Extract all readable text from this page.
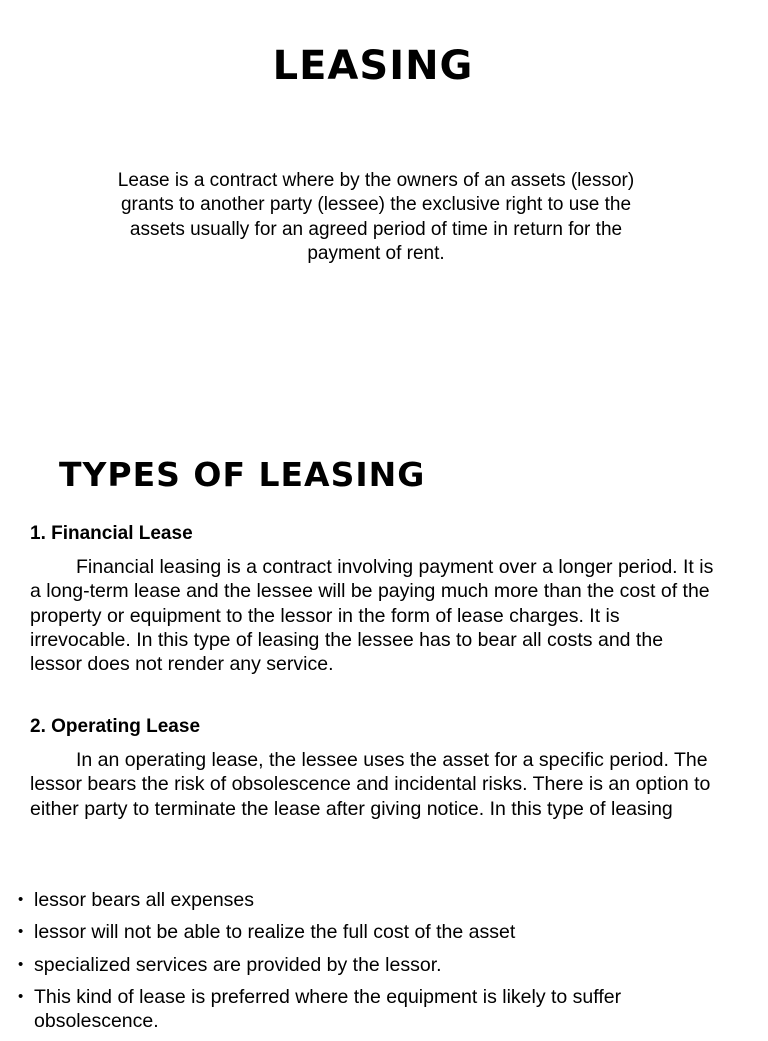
LEASING
Lease is a contract where by the owners of an assets (lessor) grants to another party (lessee) the exclusive right to use the assets usually for an agreed period of time in return for the payment of rent.
TYPES OF LEASING
1. Financial Lease

Financial leasing is a contract involving payment over a longer period. It is a long-term lease and the lessee will be paying much more than the cost of the property or equipment to the lessor in the form of lease charges. It is irrevocable. In this type of leasing the lessee has to bear all costs and the lessor does not render any service.

2. Operating Lease

In an operating lease, the lessee uses the asset for a specific period. The lessor bears the risk of obsolescence and incidental risks. There is an option to either party to terminate the lease after giving notice. In this type of leasing

• lessor bears all expenses
• lessor will not be able to realize the full cost of the asset
• specialized services are provided by the lessor.
• This kind of lease is preferred where the equipment is likely to suffer obsolescence.
